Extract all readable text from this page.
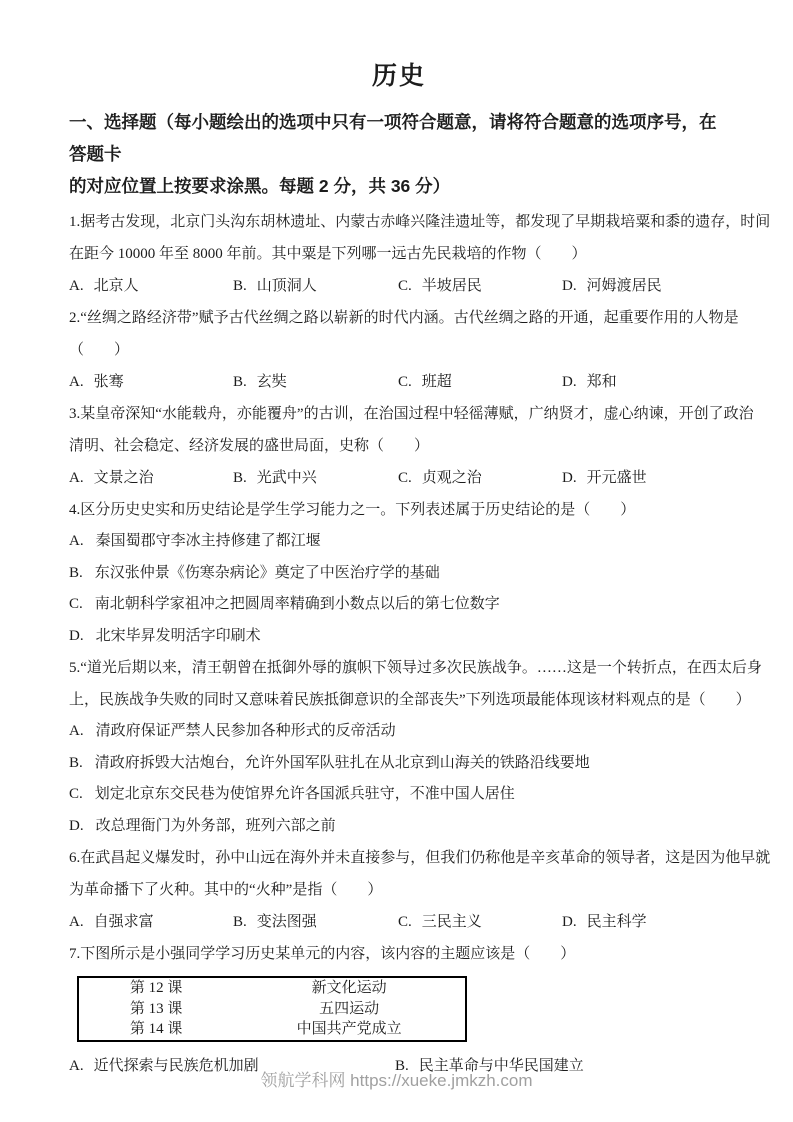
历史
一、选择题（每小题绘出的选项中只有一项符合题意，请将符合题意的选项序号，在答题卡
的对应位置上按要求涂黑。每题 2 分，共 36 分）
1.据考古发现，北京门头沟东胡林遗址、内蒙古赤峰兴隆洼遗址等，都发现了早期栽培粟和黍的遗存，时间
在距今 10000 年至 8000 年前。其中粟是下列哪一远古先民栽培的作物（　　）
A. 北京人	B. 山顶洞人	C. 半坡居民	D. 河姆渡居民
2.“丝绸之路经济带”赋予古代丝绸之路以崭新的时代内涵。古代丝绸之路的开通，起重要作用的人物是
（　　）
A. 张骞	B. 玄奘	C. 班超	D. 郑和
3.某皇帝深知“水能载舟，亦能覆舟”的古训，在治国过程中轻徭薄赋，广纳贤才，虚心纳谏，开创了政治
清明、社会稳定、经济发展的盛世局面，史称（　　）
A. 文景之治	B. 光武中兴	C. 贞观之治	D. 开元盛世
4.区分历史史实和历史结论是学生学习能力之一。下列表述属于历史结论的是（　　）
A. 秦国蜀郡守李冰主持修建了都江堰
B. 东汉张仲景《伤寒杂病论》奠定了中医治疗学的基础
C. 南北朝科学家祖冲之把圆周率精确到小数点以后的第七位数字
D. 北宋毕昇发明活字印刷术
5.“道光后期以来，清王朝曾在抵御外辱的旗帜下领导过多次民族战争。……这是一个转折点，在西太后身
上，民族战争失败的同时又意味着民族抵御意识的全部丧失”下列选项最能体现该材料观点的是（　　）
A. 清政府保证严禁人民参加各种形式的反帝活动
B. 清政府拆毁大沽炮台，允许外国军队驻扎在从北京到山海关的铁路沿线要地
C. 划定北京东交民巷为使馆界允许各国派兵驻守，不准中国人居住
D. 改总理衙门为外务部，班列六部之前
6.在武昌起义爆发时，孙中山远在海外并未直接参与，但我们仍称他是辛亥革命的领导者，这是因为他早就
为革命播下了火种。其中的“火种”是指（　　）
A. 自强求富	B. 变法图强	C. 三民主义	D. 民主科学
7.下图所示是小强同学学习历史某单元的内容，该内容的主题应该是（　　）
第 12 课	新文化运动
第 13 课	五四运动
第 14 课	中国共产党成立
A. 近代探索与民族危机加剧	B. 民主革命与中华民国建立
领航学科网 https://xueke.jmkzh.com
